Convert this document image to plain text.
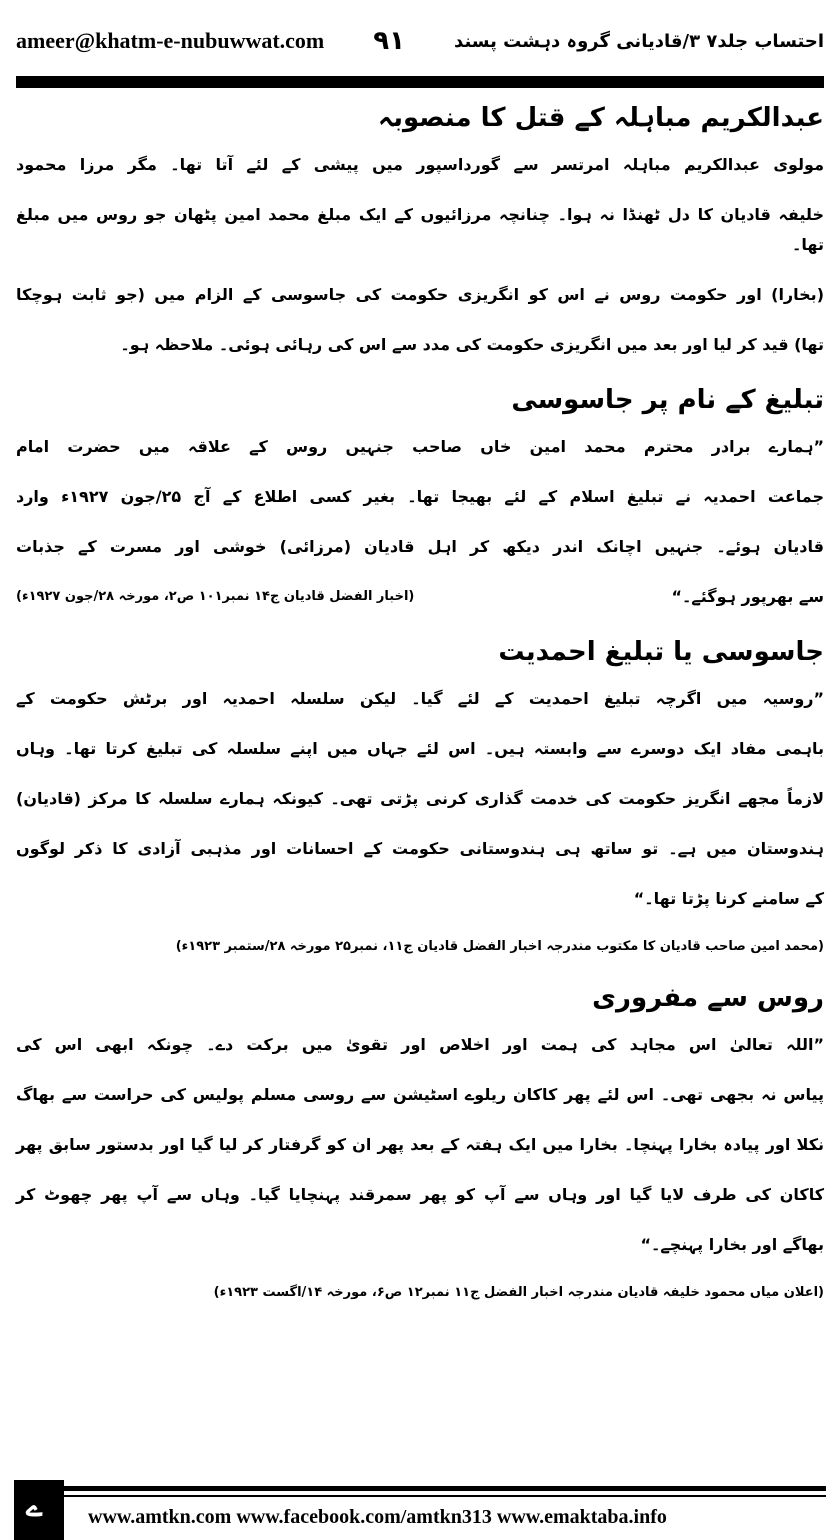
ameer@khatm-e-nubuwwat.com ۹۱	احتساب جلد۷ ۳/قادیانی گروہ دہشت پسند
عبدالکریم مباہلہ کے قتل کا منصوبہ
مولوی عبدالکریم مباہلہ امرتسر سے گورداسپور میں پیشی کے لئے آتا تھا۔ مگر مرزا محمود
خلیفہ قادیان کا دل ٹھنڈا نہ ہوا۔ چنانچہ مرزائیوں کے ایک مبلغ محمد امین پٹھان جو روس میں مبلغ تھا۔
(بخارا) اور حکومت روس نے اس کو انگریزی حکومت کی جاسوسی کے الزام میں (جو ثابت ہوچکا
تھا) قید کر لیا اور بعد میں انگریزی حکومت کی مدد سے اس کی رہائی ہوئی۔ ملاحظہ ہو۔
تبلیغ کے نام پر جاسوسی
”ہمارے برادر محترم محمد امین خاں صاحب جنہیں روس کے علاقہ میں حضرت امام
جماعت احمدیہ نے تبلیغ اسلام کے لئے بھیجا تھا۔ بغیر کسی اطلاع کے آج ۲۵/جون ۱۹۲۷ء وارد
قادیان ہوئے۔ جنہیں اچانک اندر دیکھ کر اہل قادیان (مرزائی) خوشی اور مسرت کے جذبات
سے بھرپور ہوگئے۔“
(اخبار الفضل قادیان ج۱۴ نمبر۱۰۱ ص۲، مورخہ ۲۸/جون ۱۹۲۷ء)
جاسوسی یا تبلیغ احمدیت
”روسیہ میں اگرچہ تبلیغ احمدیت کے لئے گیا۔ لیکن سلسلہ احمدیہ اور برٹش حکومت کے
باہمی مفاد ایک دوسرے سے وابستہ ہیں۔ اس لئے جہاں میں اپنے سلسلہ کی تبلیغ کرتا تھا۔ وہاں
لازماً مجھے انگریز حکومت کی خدمت گذاری کرنی پڑتی تھی۔ کیونکہ ہمارے سلسلہ کا مرکز (قادیان)
ہندوستان میں ہے۔ تو ساتھ ہی ہندوستانی حکومت کے احسانات اور مذہبی آزادی کا ذکر لوگوں
کے سامنے کرنا پڑتا تھا۔“
(محمد امین صاحب قادیان کا مکتوب مندرجہ اخبار الفضل قادیان ج۱۱، نمبر۲۵ مورخہ ۲۸/ستمبر ۱۹۲۳ء)
روس سے مفروری
”اللہ تعالیٰ اس مجاہد کی ہمت اور اخلاص اور تقویٰ میں برکت دے۔ چونکہ ابھی اس کی
پیاس نہ بجھی تھی۔ اس لئے پھر کاکان ریلوے اسٹیشن سے روسی مسلم پولیس کی حراست سے بھاگ
نکلا اور پیادہ بخارا پہنچا۔ بخارا میں ایک ہفتہ کے بعد پھر ان کو گرفتار کر لیا گیا اور بدستور سابق پھر
کاکان کی طرف لایا گیا اور وہاں سے آپ کو پھر سمرقند پہنچایا گیا۔ وہاں سے آپ پھر چھوٹ کر
بھاگے اور بخارا پہنچے۔“
(اعلان میاں محمود خلیفہ قادیان مندرجہ اخبار الفضل ج۱۱ نمبر۱۲ ص۶، مورخہ ۱۴/اگست ۱۹۲۳ء)
ے www.amtkn.com www.facebook.com/amtkn313 www.emaktaba.info
